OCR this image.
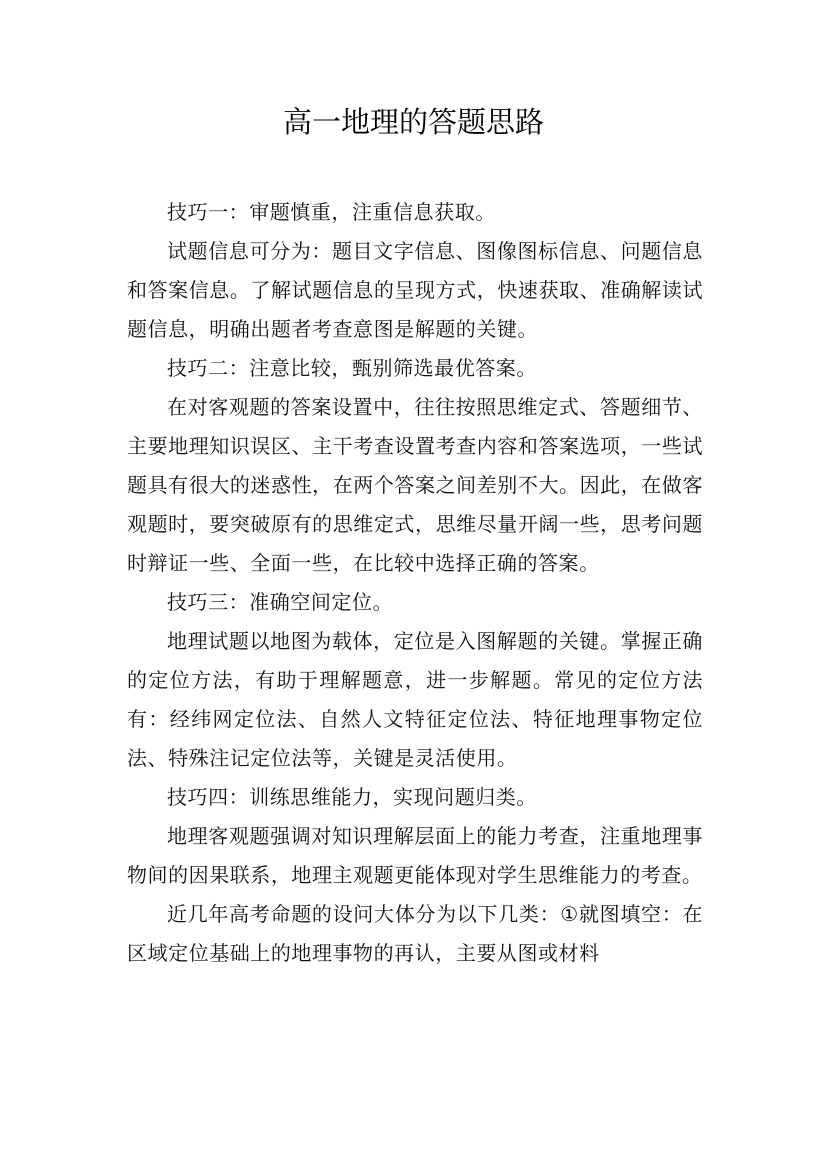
高一地理的答题思路

技巧一：审题慎重，注重信息获取。

试题信息可分为：题目文字信息、图像图标信息、问题信息和答案信息。了解试题信息的呈现方式，快速获取、准确解读试题信息，明确出题者考查意图是解题的关键。

技巧二：注意比较，甄别筛选最优答案。

在对客观题的答案设置中，往往按照思维定式、答题细节、主要地理知识误区、主干考查设置考查内容和答案选项，一些试题具有很大的迷惑性，在两个答案之间差别不大。因此，在做客观题时，要突破原有的思维定式，思维尽量开阔一些，思考问题时辩证一些、全面一些，在比较中选择正确的答案。

技巧三：准确空间定位。

地理试题以地图为载体，定位是入图解题的关键。掌握正确的定位方法，有助于理解题意，进一步解题。常见的定位方法有：经纬网定位法、自然人文特征定位法、特征地理事物定位法、特殊注记定位法等，关键是灵活使用。

技巧四：训练思维能力，实现问题归类。

地理客观题强调对知识理解层面上的能力考查，注重地理事物间的因果联系，地理主观题更能体现对学生思维能力的考查。

近几年高考命题的设问大体分为以下几类：①就图填空：在区域定位基础上的地理事物的再认，主要从图或材料
